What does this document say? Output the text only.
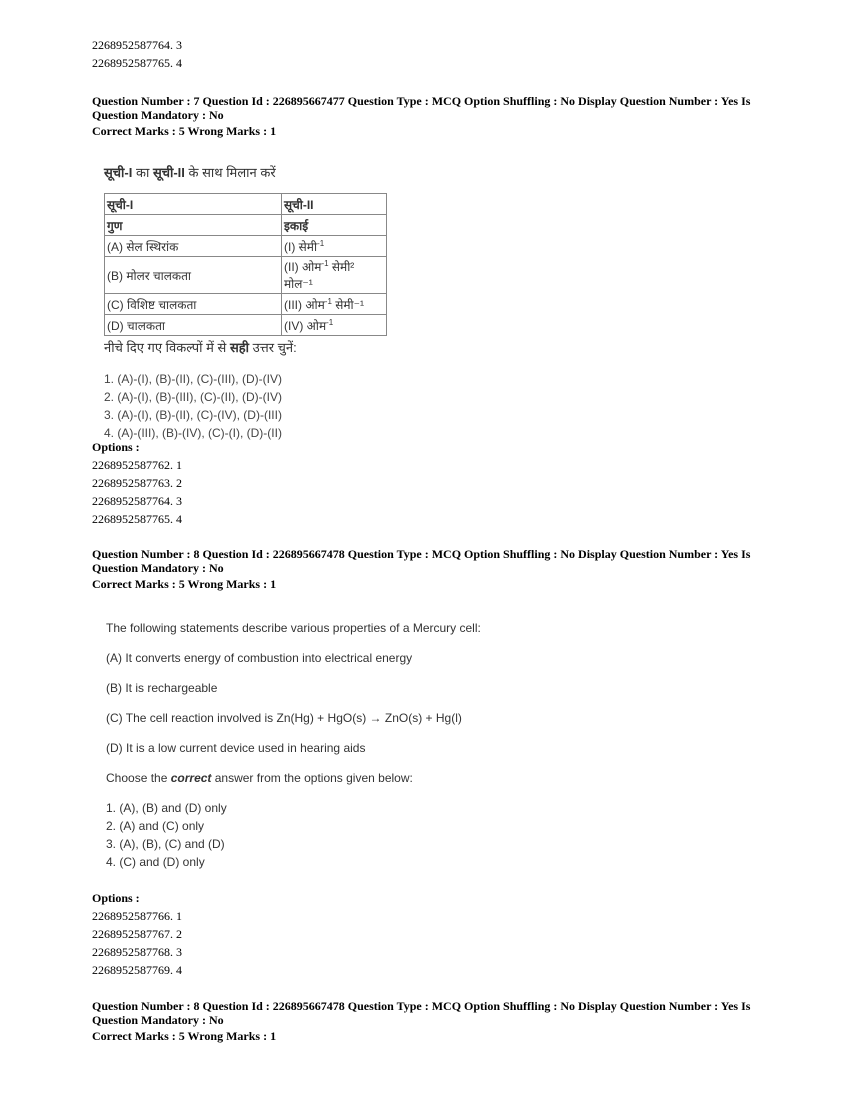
2268952587764. 3
2268952587765. 4
Question Number : 7 Question Id : 226895667477 Question Type : MCQ Option Shuffling : No Display Question Number : Yes Is
Question Mandatory : No
Correct Marks : 5 Wrong Marks : 1
सूची-I का सूची-II के साथ मिलान करें
सूची-I	सूची-II
गुण	इकाई
(A) सेल स्थिरांक	(I) सेमी$^{-1}$
(B) मोलर चालकता	(II) ओम$^{-1}$ सेमी² मोल⁻¹
(C) विशिष्ट चालकता	(III) ओम$^{-1}$ सेमी⁻¹
(D) चालकता	(IV) ओम$^{-1}$
नीचे दिए गए विकल्पों में से सही उत्तर चुनें:
1. (A)-(I), (B)-(II), (C)-(III), (D)-(IV)
2. (A)-(I), (B)-(III), (C)-(II), (D)-(IV)
3. (A)-(I), (B)-(II), (C)-(IV), (D)-(III)
4. (A)-(III), (B)-(IV), (C)-(I), (D)-(II)
Options :
2268952587762. 1
2268952587763. 2
2268952587764. 3
2268952587765. 4
Question Number : 8 Question Id : 226895667478 Question Type : MCQ Option Shuffling : No Display Question Number : Yes Is
Question Mandatory : No
Correct Marks : 5 Wrong Marks : 1

The following statements describe various properties of a Mercury cell:

(A) It converts energy of combustion into electrical energy

(B) It is rechargeable

(C) The cell reaction involved is Zn(Hg) + HgO(s) → ZnO(s) + Hg(l)

(D) It is a low current device used in hearing aids

Choose the correct answer from the options given below:

1. (A), (B) and (D) only
2. (A) and (C) only
3. (A), (B), (C) and (D)
4. (C) and (D) only
Options :
2268952587766. 1
2268952587767. 2
2268952587768. 3
2268952587769. 4
Question Number : 8 Question Id : 226895667478 Question Type : MCQ Option Shuffling : No Display Question Number : Yes Is
Question Mandatory : No
Correct Marks : 5 Wrong Marks : 1
